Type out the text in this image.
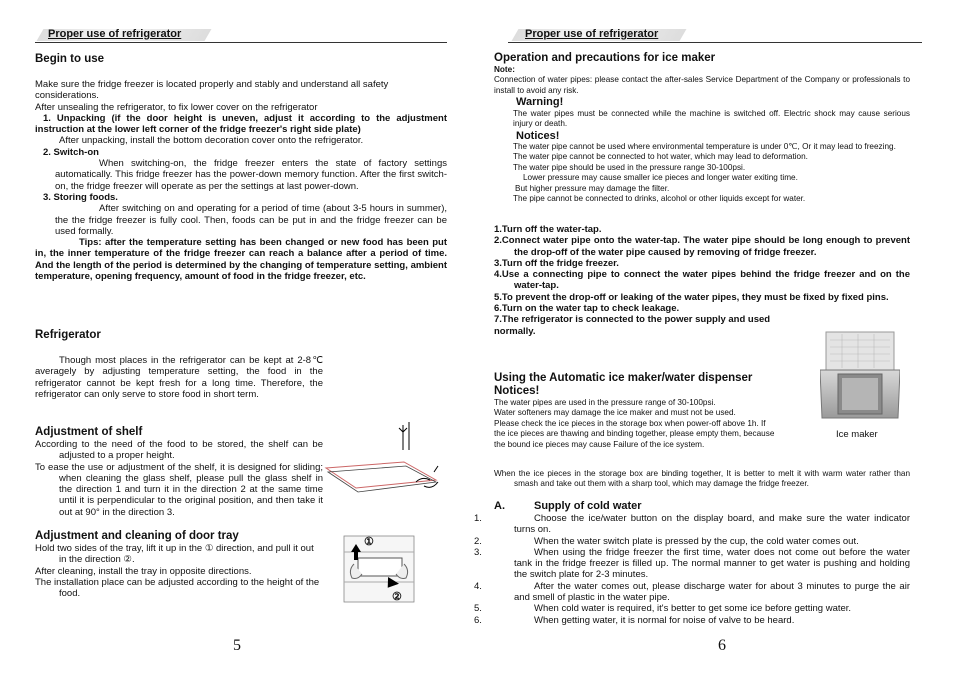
Proper use of refrigerator
Begin to use
Make sure the fridge freezer is located properly and stably and understand all safety considerations.
After unsealing the refrigerator, to fix lower cover on the refrigerator
1. Unpacking (if the door height is uneven, adjust it according to the adjustment instruction at the lower left corner of the fridge freezer's right side plate)
After unpacking, install the bottom decoration cover onto the refrigerator.
2. Switch-on
When switching-on, the fridge freezer enters the state of factory settings automatically. This fridge freezer has the power-down memory function. After the first switch-on, the fridge freezer will operate as per the settings at last power-down.
3. Storing foods.
After switching on and operating for a period of time (about 3-5 hours in summer), the the fridge freezer is fully cool. Then, foods can be put in and the fridge freezer can be used formally.
Tips: after the temperature setting has been changed or new food has been put in, the inner temperature of the fridge freezer can reach a balance after a period of time. And the length of the period is determined by the changing of temperature setting, ambient temperature, opening frequency, amount of food in the fridge freezer, etc.
Refrigerator
Though most places in the refrigerator can be kept at 2-8℃ averagely by adjusting temperature setting, the food in the refrigerator cannot be kept fresh for a long time. Therefore, the refrigerator can only serve to store food in short term.
Adjustment of shelf
According to the need of the food to be stored, the shelf can be adjusted to a proper height.
To ease the use or adjustment of the shelf, it is designed for sliding; when cleaning the glass shelf, please pull the glass shelf in the direction 1 and turn it in the direction 2 at the same time until it is perpendicular to the original position, and then take it out at 90° in the direction 3.
Adjustment and cleaning of door tray
Hold two sides of the tray, lift it up in the ① direction, and pull it out in the direction ②.
After cleaning, install the tray in opposite directions.
The installation place can be adjusted according to the height of the food.
①
②
5
Proper use of refrigerator
Operation and precautions for ice maker
Note:
Connection of water pipes: please contact the after-sales Service Department of the Company or professionals to install to avoid any risk.
Warning!
The water pipes must be connected while the machine is switched off. Electric shock may cause serious injury or death.
Notices!
The water pipe cannot be used where environmental temperature is under 0℃, Or it may lead to freezing.
The water pipe cannot be connected to hot water, which may lead to deformation.
The water pipe should be used in the pressure range 30-100psi.
Lower pressure may cause smaller ice pieces and longer water exiting time.
But higher pressure may damage the filter.
The pipe cannot be connected to drinks, alcohol or other liquids except for water.
1.Turn off the water-tap.
2.Connect water pipe onto the water-tap. The water pipe should be long enough to prevent the drop-off of the water pipe caused by removing of fridge freezer.
3.Turn off the fridge freezer.
4.Use a connecting pipe to connect the water pipes behind the fridge freezer and on the water-tap.
5.To prevent the drop-off or leaking of the water pipes, they must be fixed by fixed pins.
6.Turn on the water tap to check leakage.
7.The refrigerator is connected to the power supply and used normally.
Ice maker
Using the Automatic ice maker/water dispenser
Notices!
The water pipes are used in the pressure range of 30-100psi.
Water softeners may damage the ice maker and must not be used.
Please check the ice pieces in the storage box when power-off above 1h. If the ice pieces are thawing and binding together, please empty them, because the bound ice pieces may cause Failure of the ice system.
When the ice pieces in the storage box are binding together, It is better to melt it with warm water rather than smash and take out them with a sharp tool, which may damage the fridge freezer.
A.	Supply of cold water
1.	Choose the ice/water button on the display board, and make sure the water indicator turns on.
2.	When the water switch plate is pressed by the cup, the cold water comes out.
3.	When using the fridge freezer the first time, water does not come out before the water tank in the fridge freezer is filled up. The normal manner to get water is pushing and holding the switch plate for 2-3 minutes.
4.	After the water comes out, please discharge water for about 3 minutes to purge the air and smell of plastic in the water pipe.
5.	When cold water is required, it's better to get some ice before getting water.
6.	When getting water, it is normal for noise of valve to be heard.
6
